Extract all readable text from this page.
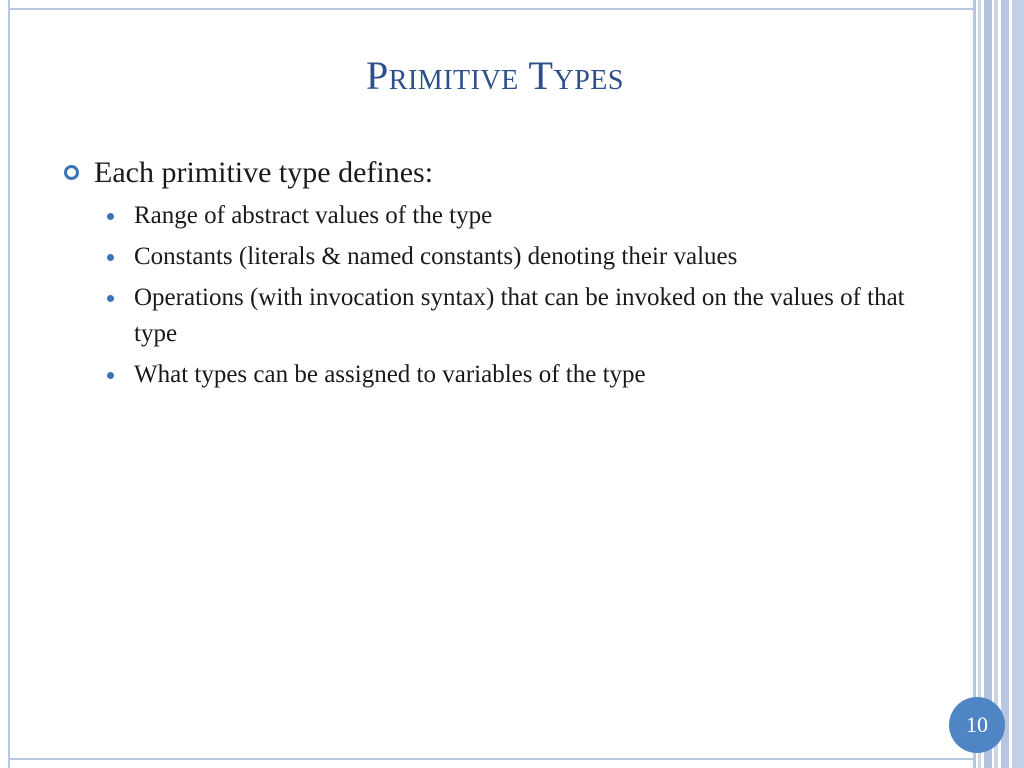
Primitive Types
Each primitive type defines:
Range of abstract values of the type
Constants (literals & named constants) denoting their values
Operations (with invocation syntax) that can be invoked on the values of that type
What types can be assigned to variables of the type
10
